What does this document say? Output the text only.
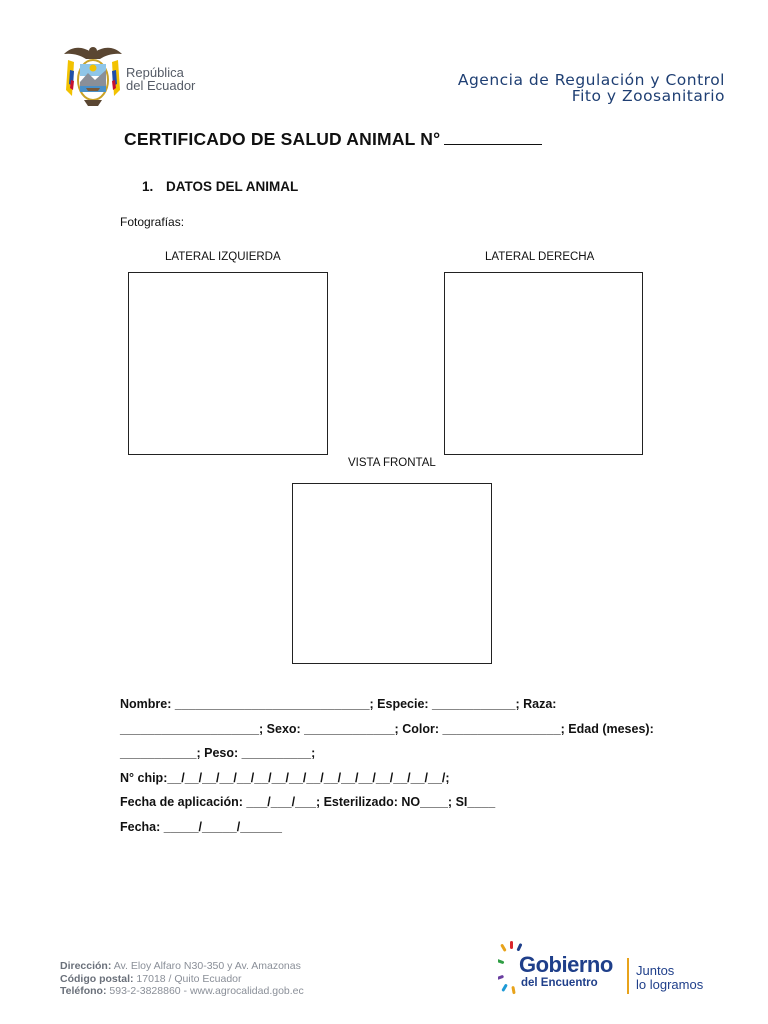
República
del Ecuador	Agencia de Regulación y Control
Fito y Zoosanitario
CERTIFICADO DE SALUD ANIMAL N°
1. DATOS DEL ANIMAL
Fotografías:
LATERAL IZQUIERDA	LATERAL DERECHA
VISTA FRONTAL
Nombre: ____________________________; Especie: ____________; Raza:
____________________; Sexo: _____________; Color: _________________; Edad (meses):
___________; Peso: __________;
N° chip:__/__/__/__/__/__/__/__/__/__/__/__/__/__/__/__/;
Fecha de aplicación: ___/___/___; Esterilizado: NO____; SI____
Fecha: _____/_____/______
Dirección: Av. Eloy Alfaro N30-350 y Av. Amazonas
Código postal: 17018 / Quito Ecuador
Teléfono: 593-2-3828860 - www.agrocalidad.gob.ec
Gobierno
del Encuentro
Juntos
lo logramos
